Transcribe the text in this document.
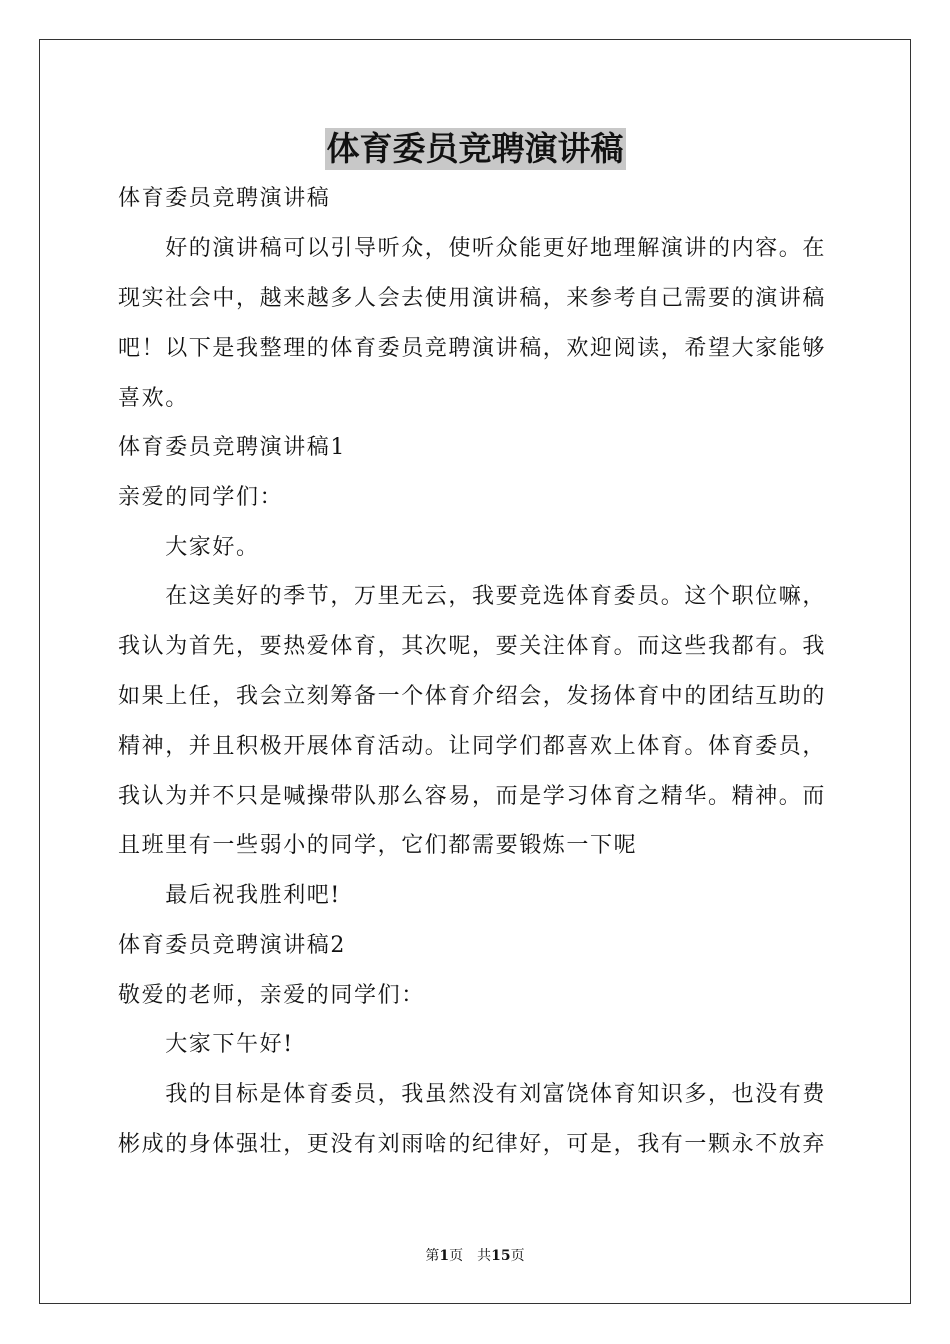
体育委员竞聘演讲稿
体育委员竞聘演讲稿
　　好的演讲稿可以引导听众，使听众能更好地理解演讲的内容。在
现实社会中，越来越多人会去使用演讲稿，来参考自己需要的演讲稿
吧！以下是我整理的体育委员竞聘演讲稿，欢迎阅读，希望大家能够
喜欢。
体育委员竞聘演讲稿1
亲爱的同学们：
　　大家好。
　　在这美好的季节，万里无云，我要竞选体育委员。这个职位嘛，
我认为首先，要热爱体育，其次呢，要关注体育。而这些我都有。我
如果上任，我会立刻筹备一个体育介绍会，发扬体育中的团结互助的
精神，并且积极开展体育活动。让同学们都喜欢上体育。体育委员，
我认为并不只是喊操带队那么容易，而是学习体育之精华。精神。而
且班里有一些弱小的同学，它们都需要锻炼一下呢
　　最后祝我胜利吧!
体育委员竞聘演讲稿2
敬爱的老师，亲爱的同学们：
　　大家下午好!
　　我的目标是体育委员，我虽然没有刘富饶体育知识多，也没有费
彬成的身体强壮，更没有刘雨啥的纪律好，可是，我有一颗永不放弃
第1页　共15页
